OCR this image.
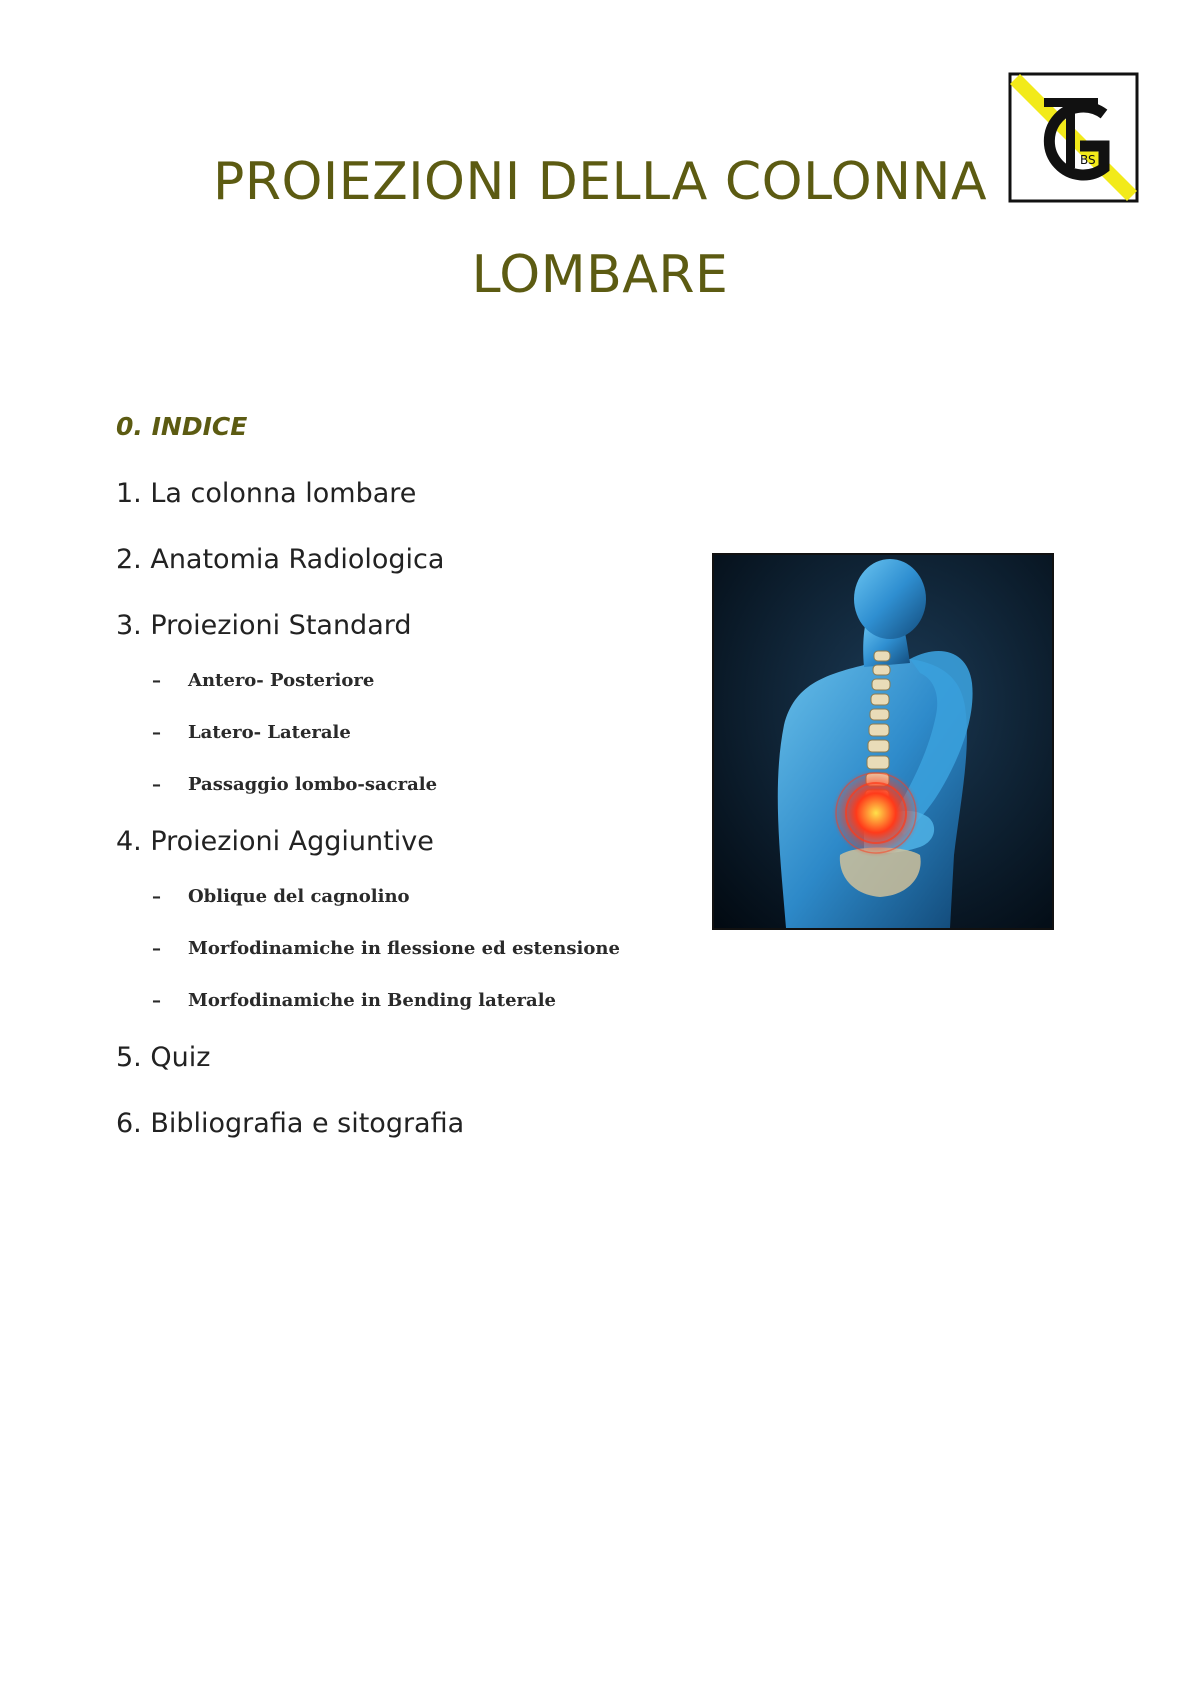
BS
PROIEZIONI DELLA COLONNA
LOMBARE
0. INDICE
1. La colonna lombare
2. Anatomia Radiologica
3. Proiezioni Standard
– Antero- Posteriore
– Latero- Laterale
– Passaggio lombo-sacrale
4. Proiezioni Aggiuntive
– Oblique del cagnolino
– Morfodinamiche in flessione ed estensione
– Morfodinamiche in Bending laterale
5. Quiz
6. Bibliografia e sitografia
